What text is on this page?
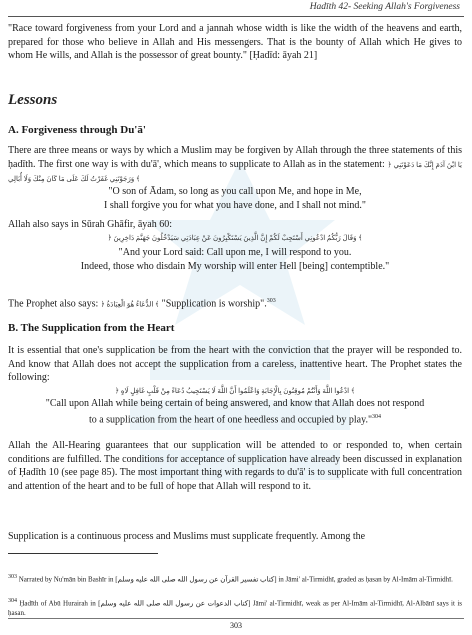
Hadīth 42- Seeking Allah's Forgiveness
"Race toward forgiveness from your Lord and a jannah whose width is like the width of the heavens and earth, prepared for those who believe in Allah and His messengers. That is the bounty of Allah which He gives to whom He wills, and Allah is the possessor of great bounty." [Ḥadīd: āyah 21]
Lessons
A. Forgiveness through Du'ā'
There are three means or ways by which a Muslim may be forgiven by Allah through the three statements of this ḥadīth. The first one way is with du'ā', which means to supplicate to Allah as in the statement: ﴿ يَا ابْنَ آدَمَ إِنَّكَ مَا دَعَوْتَنِي وَرَجَوْتَنِي غَفَرْتُ لَكَ عَلَى مَا كَانَ مِنْكَ وَلَا أُبَالِي ﴾
"O son of Ādam, so long as you call upon Me, and hope in Me,
I shall forgive you for what you have done, and I shall not mind."
Allah also says in Sūrah Ghāfir, āyah 60:
﴿ وَقَالَ رَبُّكُمُ ادْعُونِي أَسْتَجِبْ لَكُمْ إِنَّ الَّذِينَ يَسْتَكْبِرُونَ عَنْ عِبَادَتِي سَيَدْخُلُونَ جَهَنَّمَ دَاخِرِينَ ﴾
"And your Lord said: Call upon me, I will respond to you.
Indeed, those who disdain My worship will enter Hell [being] contemptible."
The Prophet also says: ﴿ الدُّعَاءُ هُوَ الْعِبَادَةُ ﴾ "Supplication is worship".$^{303}$
B. The Supplication from the Heart
It is essential that one's supplication be from the heart with the conviction that the prayer will be responded to. And know that Allah does not accept the supplication from a careless, inattentive heart. The Prophet states the following:
﴿ ادْعُوا اللَّهَ وَأَنْتُمْ مُوقِنُونَ بِالْإِجَابَةِ وَاعْلَمُوا أَنَّ اللَّهَ لَا يَسْتَجِيبُ دُعَاءً مِنْ قَلْبٍ غَافِلٍ لَاهٍ ﴾
"Call upon Allah while being certain of being answered, and know that Allah does not respond
to a supplication from the heart of one heedless and occupied by play."$^{304}$
Allah the All-Hearing guarantees that our supplication will be attended to or responded to, when certain conditions are fulfilled. The conditions for acceptance of supplication have already been discussed in explanation of Ḥadīth 10 (see page 85). The most important thing with regards to du'ā' is to supplicate with full concentration and attention of the heart and to be full of hope that Allah will respond to it.
Supplication is a continuous process and Muslims must supplicate frequently. Among the
$^{303}$ Narrated by Nu'mān bin Bashīr in [كتاب تفسير القرآن عن رسول الله صلى الله عليه وسلم] in Jāmi' al-Tirmidhī, graded as ḥasan by Al-Imām al-Tirmidhī.
$^{304}$ Ḥadīth of Abū Hurairah in [كتاب الدعوات عن رسول الله صلى الله عليه وسلم] Jāmi' al-Tirmidhī, weak as per Al-Imām al-Tirmidhī, Al-Albānī says it is ḥasan.
303
